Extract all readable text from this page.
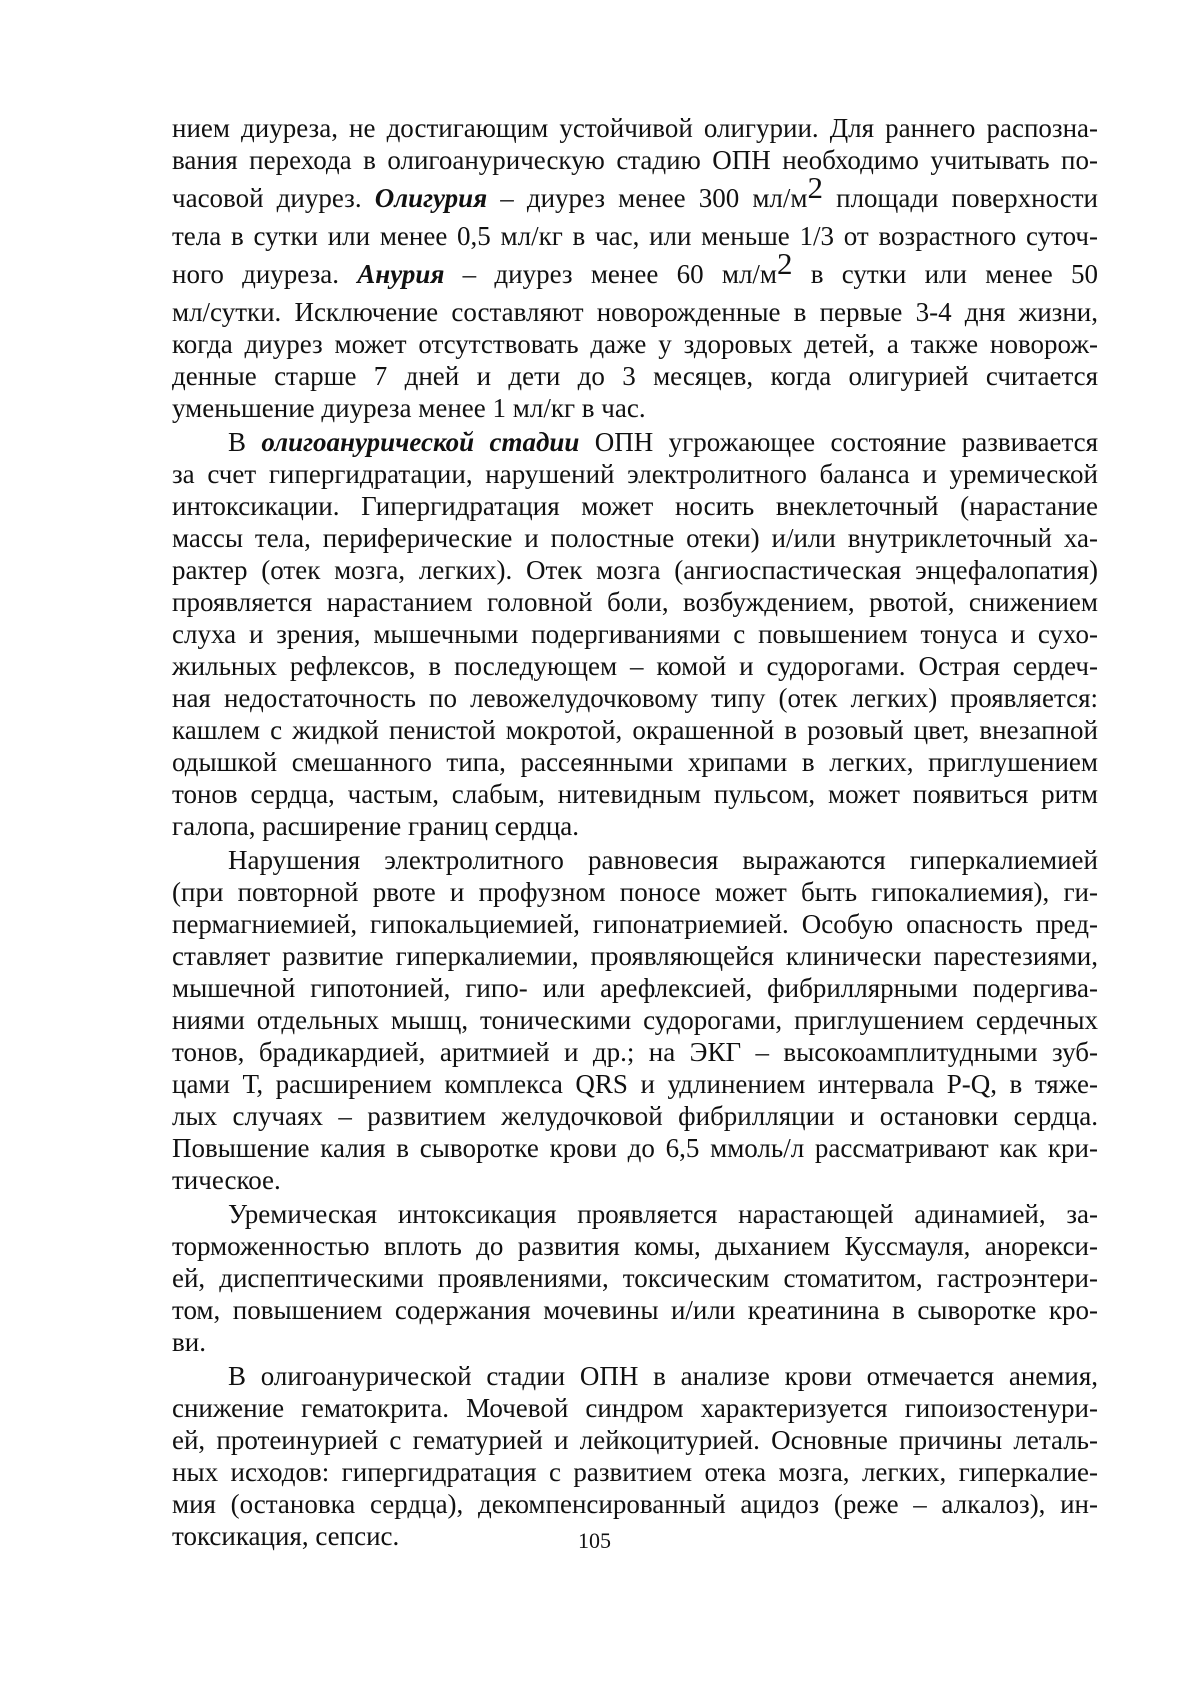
нием диуреза, не достигающим устойчивой олигурии. Для раннего распозна-
вания перехода в олигоанурическую стадию ОПН необходимо учитывать по-
часовой диурез. Олигурия – диурез менее 300 мл/м2 площади поверхности
тела в сутки или менее 0,5 мл/кг в час, или меньше 1/3 от возрастного суточ-
ного диуреза. Анурия – диурез менее 60 мл/м2 в сутки или менее 50
мл/сутки. Исключение составляют новорожденные в первые 3-4 дня жизни,
когда диурез может отсутствовать даже у здоровых детей, а также новорож-
денные старше 7 дней и дети до 3 месяцев, когда олигурией считается
уменьшение диуреза менее 1 мл/кг в час.
В олигоанурической стадии ОПН угрожающее состояние развивается
за счет гипергидратации, нарушений электролитного баланса и уремической
интоксикации. Гипергидратация может носить внеклеточный (нарастание
массы тела, периферические и полостные отеки) и/или внутриклеточный ха-
рактер (отек мозга, легких). Отек мозга (ангиоспастическая энцефалопатия)
проявляется нарастанием головной боли, возбуждением, рвотой, снижением
слуха и зрения, мышечными подергиваниями с повышением тонуса и сухо-
жильных рефлексов, в последующем – комой и судорогами. Острая сердеч-
ная недостаточность по левожелудочковому типу (отек легких) проявляется:
кашлем с жидкой пенистой мокротой, окрашенной в розовый цвет, внезапной
одышкой смешанного типа, рассеянными хрипами в легких, приглушением
тонов сердца, частым, слабым, нитевидным пульсом, может появиться ритм
галопа, расширение границ сердца.
Нарушения электролитного равновесия выражаются гиперкалиемией
(при повторной рвоте и профузном поносе может быть гипокалиемия), ги-
пермагниемией, гипокальциемией, гипонатриемией. Особую опасность пред-
ставляет развитие гиперкалиемии, проявляющейся клинически парестезиями,
мышечной гипотонией, гипо- или арефлексией, фибриллярными подергива-
ниями отдельных мышц, тоническими судорогами, приглушением сердечных
тонов, брадикардией, аритмией и др.; на ЭКГ – высокоамплитудными зуб-
цами Т, расширением комплекса QRS и удлинением интервала P-Q, в тяже-
лых случаях – развитием желудочковой фибрилляции и остановки сердца.
Повышение калия в сыворотке крови до 6,5 ммоль/л рассматривают как кри-
тическое.
Уремическая интоксикация проявляется нарастающей адинамией, за-
торможенностью вплоть до развития комы, дыханием Куссмауля, анорекси-
ей, диспептическими проявлениями, токсическим стоматитом, гастроэнтери-
том, повышением содержания мочевины и/или креатинина в сыворотке кро-
ви.
В олигоанурической стадии ОПН в анализе крови отмечается анемия,
снижение гематокрита. Мочевой синдром характеризуется гипоизостенури-
ей, протеинурией с гематурией и лейкоцитурией. Основные причины леталь-
ных исходов: гипергидратация с развитием отека мозга, легких, гиперкалие-
мия (остановка сердца), декомпенсированный ацидоз (реже – алкалоз), ин-
токсикация, сепсис.	105
